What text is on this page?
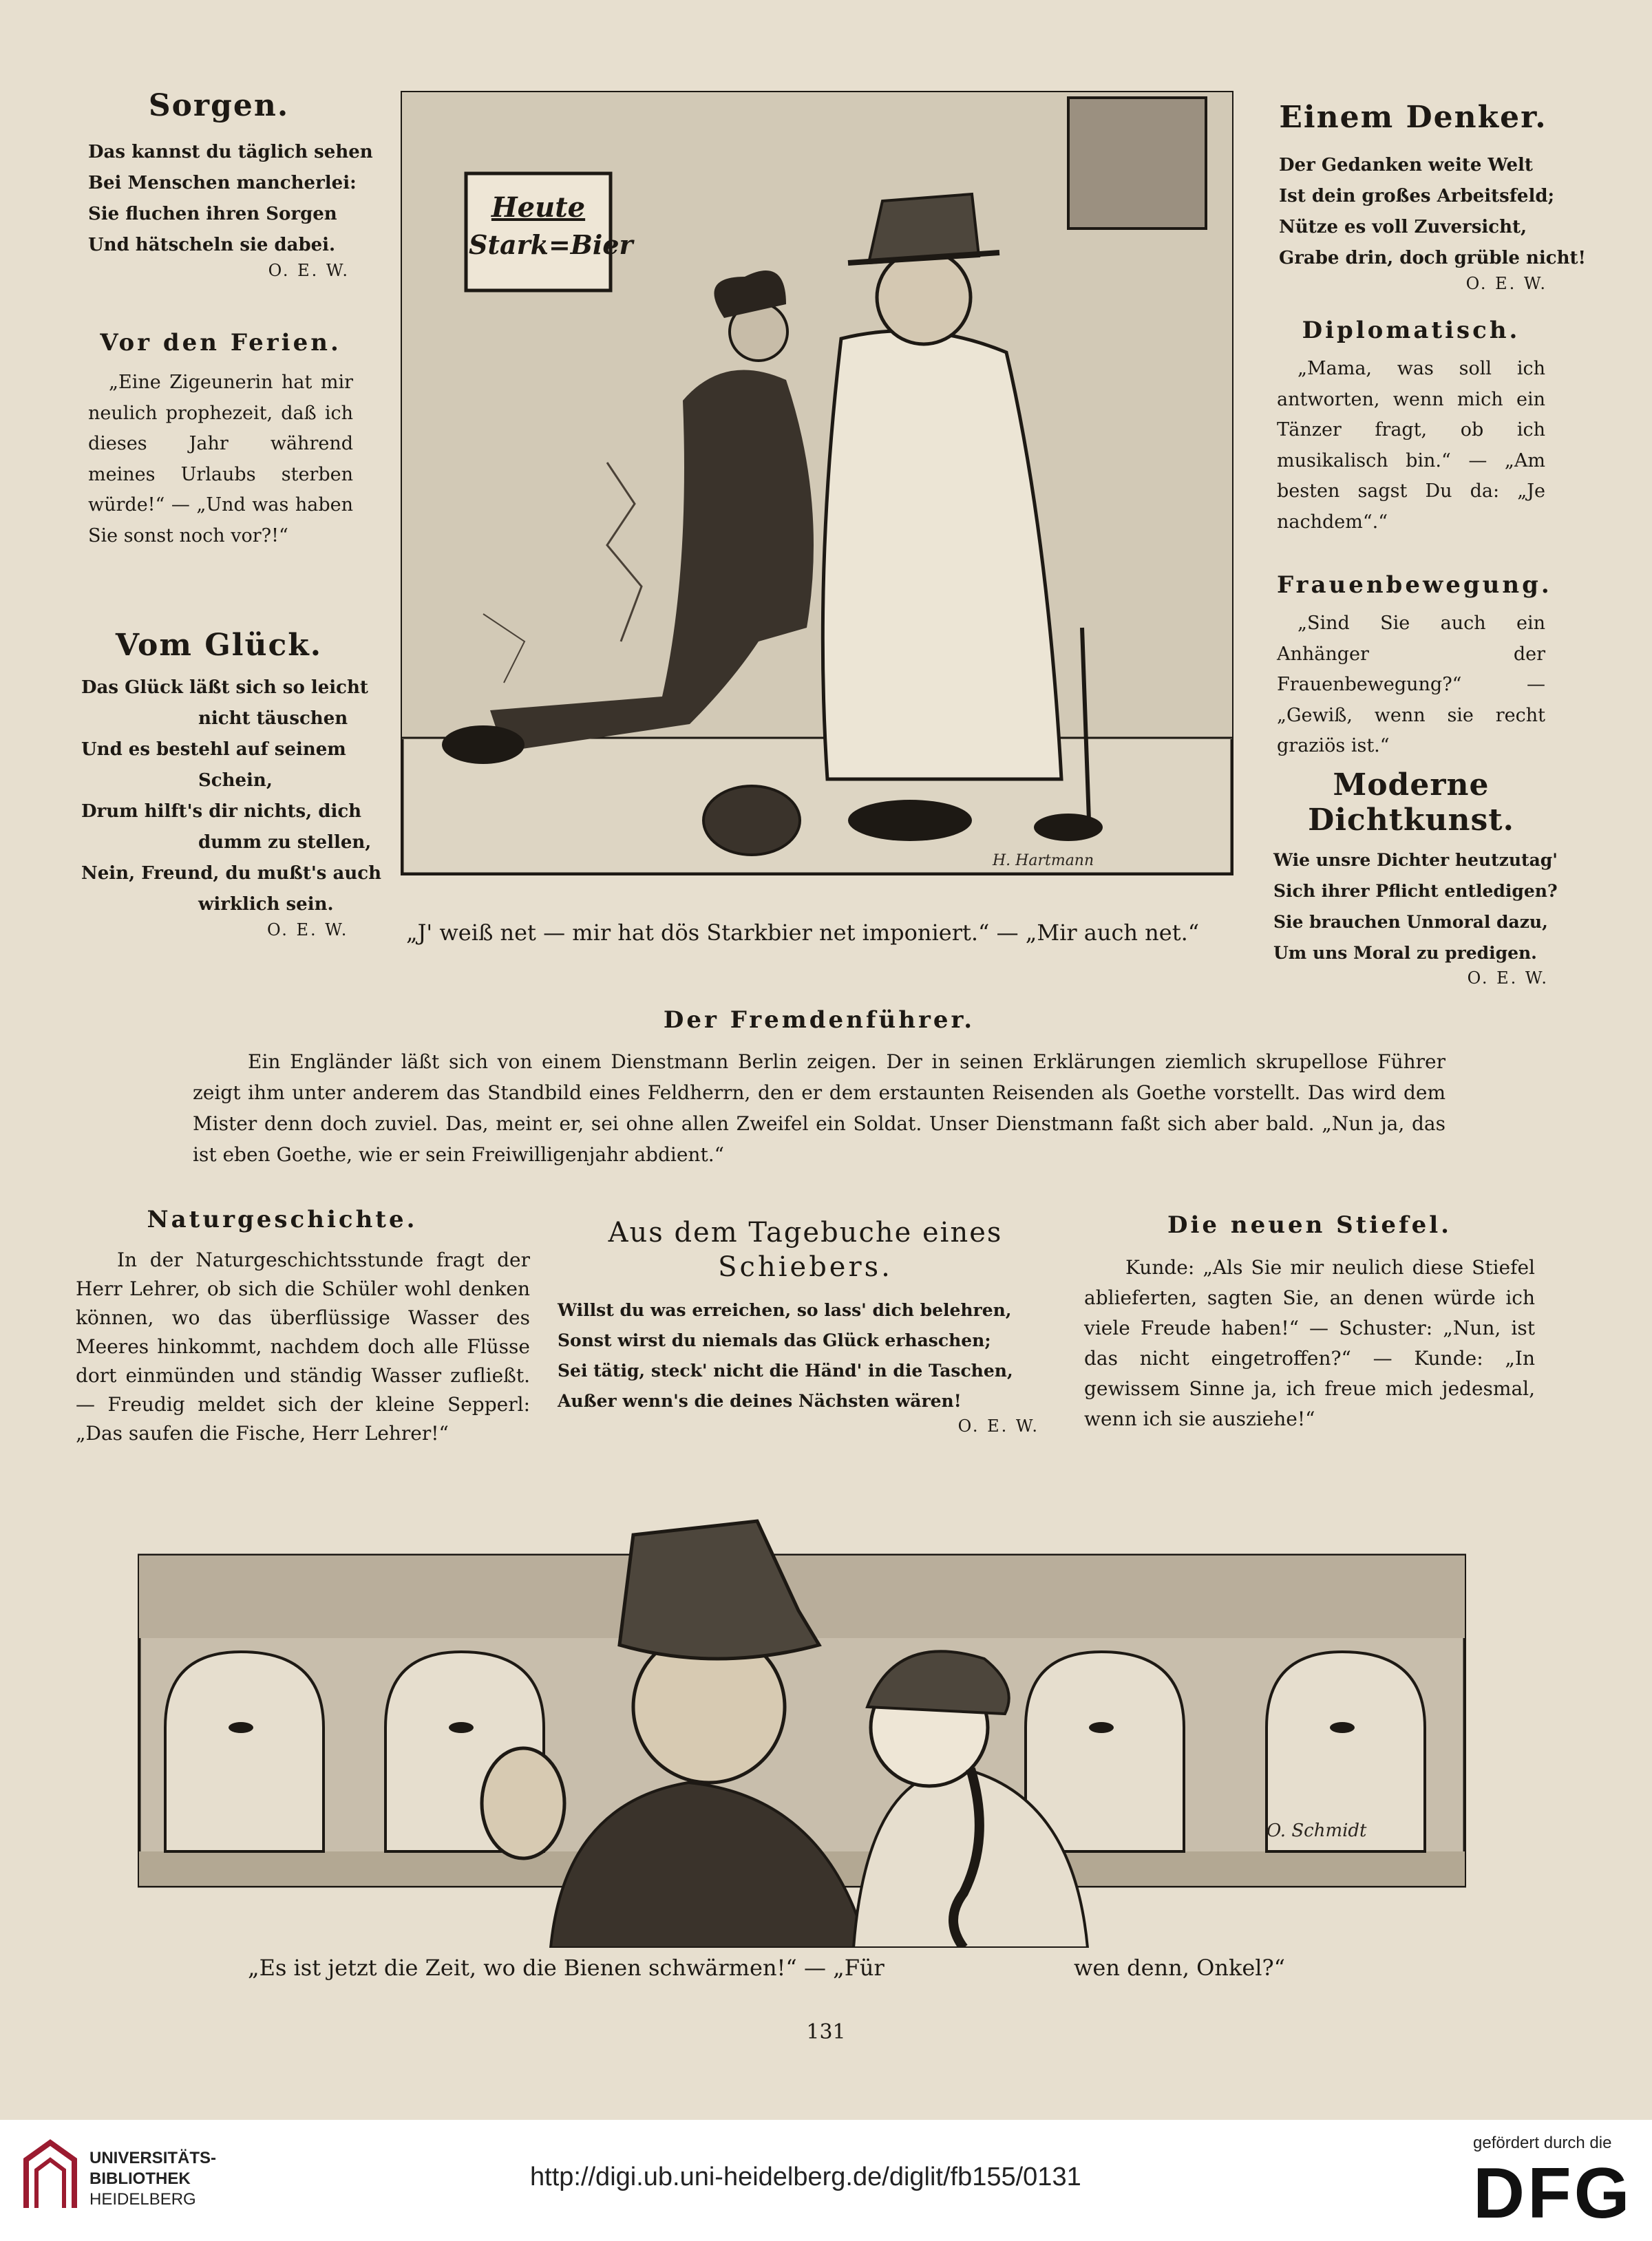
Sorgen.
Das kannst du täglich sehen
Bei Menschen mancherlei:
Sie fluchen ihren Sorgen
Und hätscheln sie dabei.
O. E. W.
Vor den Ferien.
„Eine Zigeunerin hat mir neulich prophezeit, daß ich dieses Jahr während meines Urlaubs sterben würde!“ — „Und was haben Sie sonst noch vor?!“
Vom Glück.
Das Glück läßt sich so leicht
nicht täuschen
Und es bestehl auf seinem
Schein,
Drum hilft's dir nichts, dich
dumm zu stellen,
Nein, Freund, du mußt's auch
wirklich sein.
O. E. W.
Heute
Stark=Bier
H. Hartmann
„J' weiß net — mir hat dös Starkbier net imponiert.“ — „Mir auch net.“
Einem Denker.
Der Gedanken weite Welt
Ist dein großes Arbeitsfeld;
Nütze es voll Zuversicht,
Grabe drin, doch grüble nicht!
O. E. W.
Diplomatisch.
„Mama, was soll ich antworten, wenn mich ein Tänzer fragt, ob ich musikalisch bin.“ — „Am besten sagst Du da: „Je nachdem“.“
Frauenbewegung.
„Sind Sie auch ein Anhänger der Frauenbewegung?“ — „Gewiß, wenn sie recht graziös ist.“
Moderne Dichtkunst.
Wie unsre Dichter heutzutag'
Sich ihrer Pflicht entledigen?
Sie brauchen Unmoral dazu,
Um uns Moral zu predigen.
O. E. W.
Der Fremdenführer.
Ein Engländer läßt sich von einem Dienstmann Berlin zeigen. Der in seinen Erklärungen ziemlich skrupellose Führer zeigt ihm unter anderem das Standbild eines Feldherrn, den er dem erstaunten Reisenden als Goethe vorstellt. Das wird dem Mister denn doch zuviel. Das, meint er, sei ohne allen Zweifel ein Soldat. Unser Dienstmann faßt sich aber bald. „Nun ja, das ist eben Goethe, wie er sein Freiwilligenjahr abdient.“
Naturgeschichte.
In der Naturgeschichtsstunde fragt der Herr Lehrer, ob sich die Schüler wohl denken können, wo das überflüssige Wasser des Meeres hinkommt, nachdem doch alle Flüsse dort einmünden und ständig Wasser zufließt. — Freudig meldet sich der kleine Sepperl: „Das saufen die Fische, Herr Lehrer!“
Aus dem Tagebuche eines
Schiebers.
Willst du was erreichen, so lass' dich belehren,
Sonst wirst du niemals das Glück erhaschen;
Sei tätig, steck' nicht die Händ' in die Taschen,
Außer wenn's die deines Nächsten wären!
O. E. W.
Die neuen Stiefel.
Kunde: „Als Sie mir neulich diese Stiefel ablieferten, sagten Sie, an denen würde ich viele Freude haben!“ — Schuster: „Nun, ist das nicht eingetroffen?“ — Kunde: „In gewissem Sinne ja, ich freue mich jedesmal, wenn ich sie ausziehe!“
O. Schmidt
„Es ist jetzt die Zeit, wo die Bienen schwärmen!“ — „Für	wen denn, Onkel?“
131
UNIVERSITÄTS-
BIBLIOTHEK
HEIDELBERG
http://digi.ub.uni-heidelberg.de/diglit/fb155/0131
gefördert durch die
DFG
